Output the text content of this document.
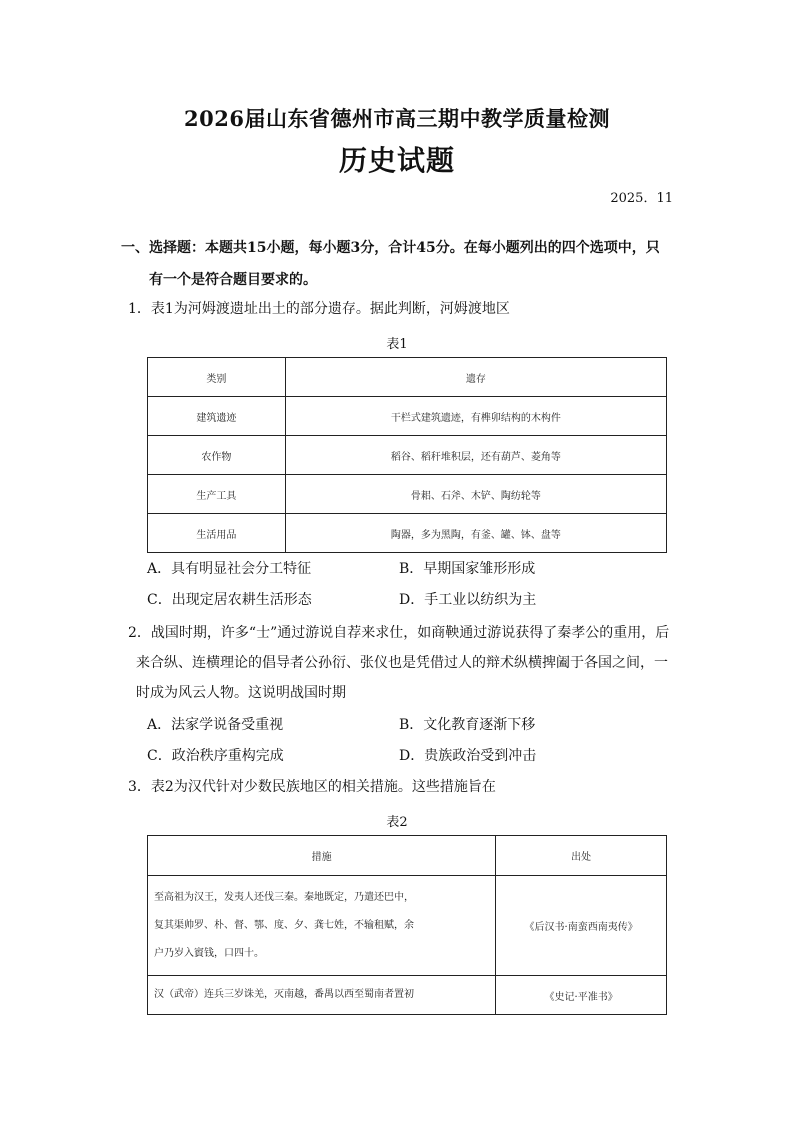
2026届山东省德州市高三期中教学质量检测
历史试题
2025．11
一、选择题：本题共15小题，每小题3分，合计45分。在每小题列出的四个选项中，只
有一个是符合题目要求的。
1．表1为河姆渡遗址出土的部分遗存。据此判断，河姆渡地区
表1
类别	遗存
建筑遗迹	干栏式建筑遗迹，有榫卯结构的木构件
农作物	稻谷、稻秆堆积层，还有葫芦、菱角等
生产工具	骨耜、石斧、木铲、陶纺轮等
生活用品	陶器，多为黑陶，有釜、罐、钵、盘等
A．具有明显社会分工特征	B．早期国家雏形形成
C．出现定居农耕生活形态	D．手工业以纺织为主
2．战国时期，许多“士”通过游说自荐来求仕，如商鞅通过游说获得了秦孝公的重用，后
来合纵、连横理论的倡导者公孙衍、张仪也是凭借过人的辩术纵横捭阖于各国之间，一
时成为风云人物。这说明战国时期
A．法家学说备受重视	B．文化教育逐渐下移
C．政治秩序重构完成	D．贵族政治受到冲击
3．表2为汉代针对少数民族地区的相关措施。这些措施旨在
表2
措施	出处

至高祖为汉王，发夷人还伐三秦。秦地既定，乃遣还巴中，
复其渠帅罗、朴、督、鄂、度、夕、龚七姓，不输租赋，余
户乃岁入賨钱，口四十。	《后汉书·南蛮西南夷传》
汉（武帝）连兵三岁诛羌，灭南越，番禺以西至蜀南者置初	《史记·平准书》
